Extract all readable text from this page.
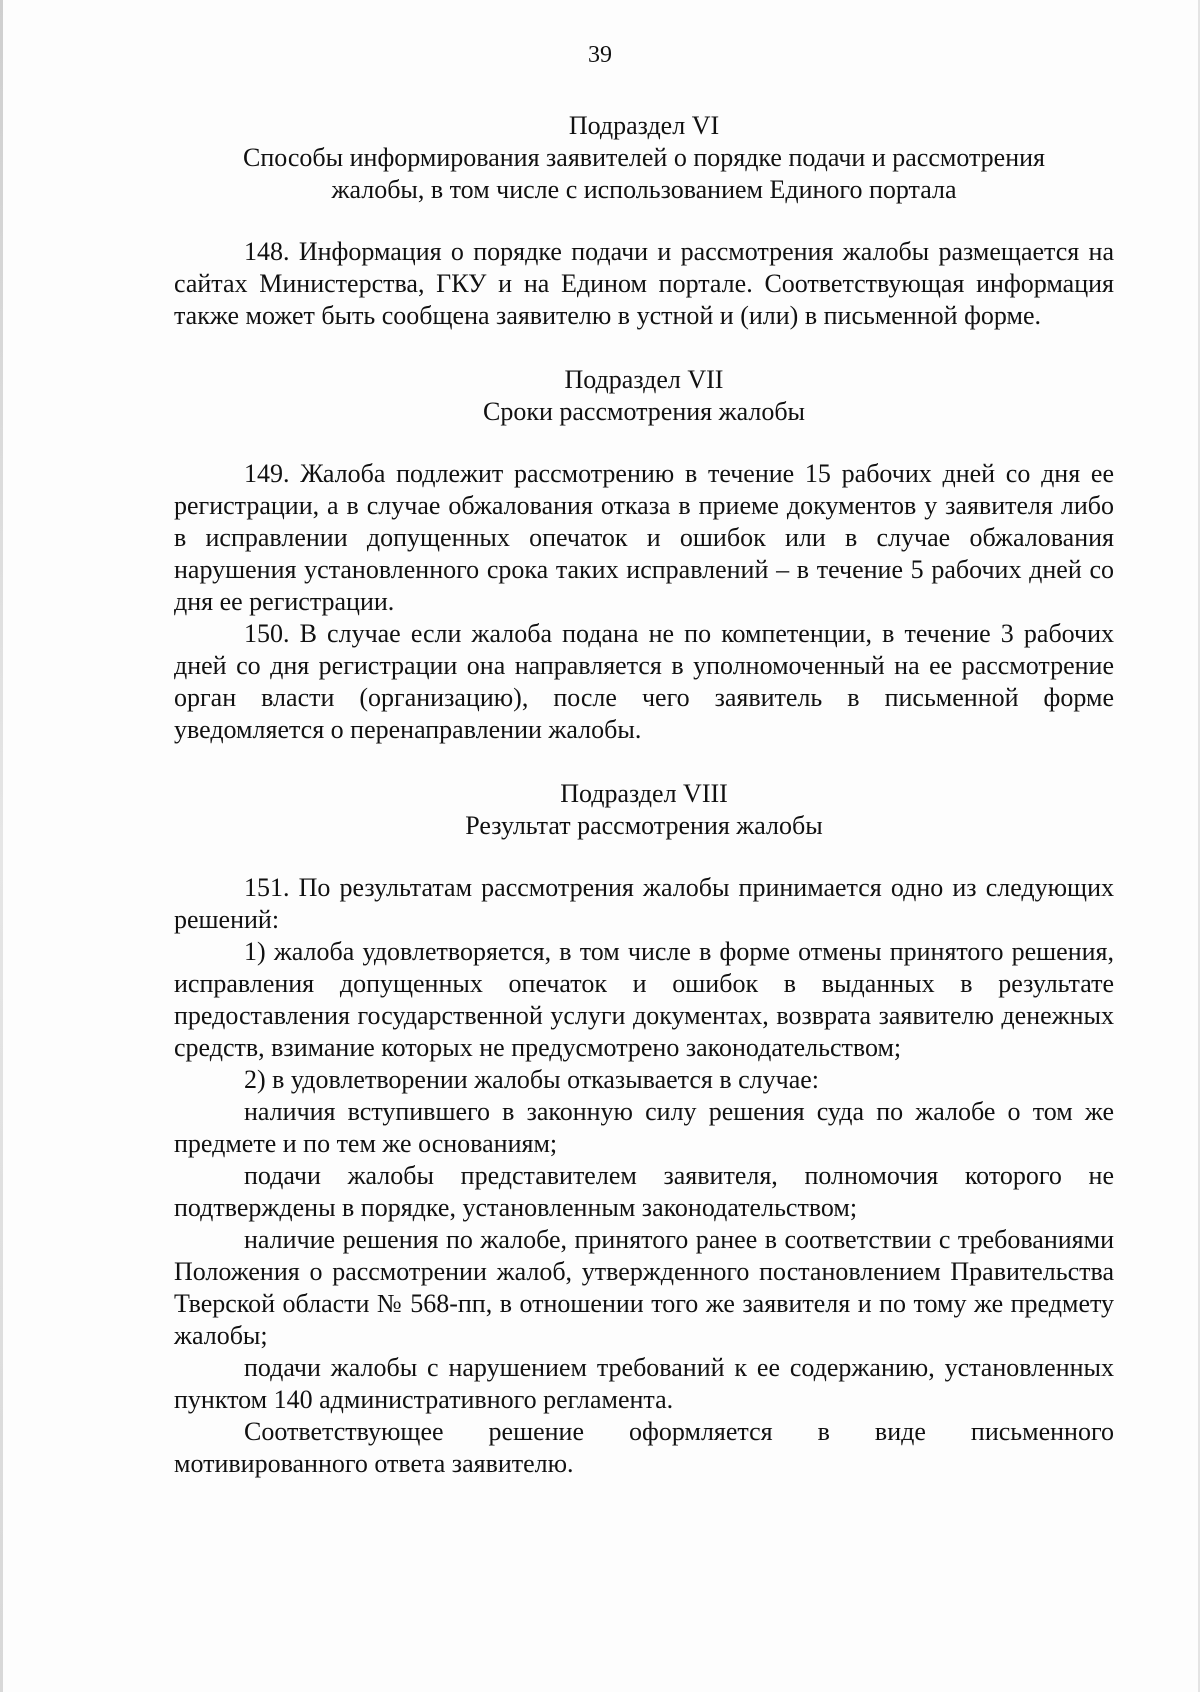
39
Подраздел VI
Способы информирования заявителей о порядке подачи и рассмотрения
жалобы, в том числе с использованием Единого портала

148. Информация о порядке подачи и рассмотрения жалобы размещается на сайтах Министерства, ГКУ и на Едином портале. Соответствующая информация также может быть сообщена заявителю в устной и (или) в письменной форме.

Подраздел VII
Сроки рассмотрения жалобы

149. Жалоба подлежит рассмотрению в течение 15 рабочих дней со дня ее регистрации, а в случае обжалования отказа в приеме документов у заявителя либо в исправлении допущенных опечаток и ошибок или в случае обжалования нарушения установленного срока таких исправлений – в течение 5 рабочих дней со дня ее регистрации.

150. В случае если жалоба подана не по компетенции, в течение 3 рабочих дней со дня регистрации она направляется в уполномоченный на ее рассмотрение орган власти (организацию), после чего заявитель в письменной форме уведомляется о перенаправлении жалобы.

Подраздел VIII
Результат рассмотрения жалобы

151. По результатам рассмотрения жалобы принимается одно из следующих решений:

1) жалоба удовлетворяется, в том числе в форме отмены принятого решения, исправления допущенных опечаток и ошибок в выданных в результате предоставления государственной услуги документах, возврата заявителю денежных средств, взимание которых не предусмотрено законодательством;

2) в удовлетворении жалобы отказывается в случае:

наличия вступившего в законную силу решения суда по жалобе о том же предмете и по тем же основаниям;

подачи жалобы представителем заявителя, полномочия которого не подтверждены в порядке, установленным законодательством;

наличие решения по жалобе, принятого ранее в соответствии с требованиями Положения о рассмотрении жалоб, утвержденного постановлением Правительства Тверской области № 568-пп, в отношении того же заявителя и по тому же предмету жалобы;

подачи жалобы с нарушением требований к ее содержанию, установленных пунктом 140 административного регламента.

Соответствующее решение оформляется в виде письменного мотивированного ответа заявителю.
